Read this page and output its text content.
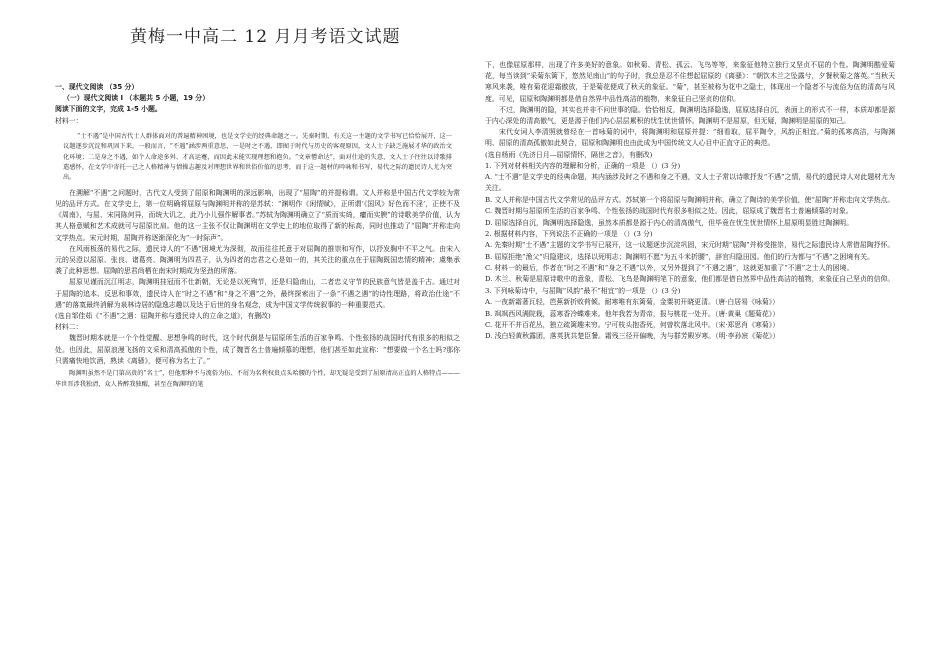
黄梅一中高二 12 月月考语文试题
一、现代文阅读 （35 分）
（一）现代文阅读 I （本题共 5 小题，19 分）
阅读下面的文字，完成 1-5 小题。
材料一：

“士不遇”是中国古代士人群体面对的普遍精神困境，也是文学史的经典命题之一。先秦时期，有关这一主题的文学书写已恰恰展开，这一议题逐步沉淀和巩固下来。一般而言，“不遇”涵涉两重意思，一是时之不遇，即囿于时代与历史的客观原因，文人士子缺乏施展才华的政治文化环境；二是身之不遇，如个人命途多舛、才高运蹇，而因此未能实现理想和抱负。“文章憎命达”，面对仕途的失意，文人士子往往以诗歌排遣感怀，在文学中寄托一己之人格精神与情操志趣及对理想世界和世俗价值的思考，而于这一题材的吟咏和书写，易代之际的遗民诗人尤为突出。

在溯解“不遇”之问题时，古代文人受到了屈原和陶渊明的深远影响，出现了“屈陶”的并提称谓。文人并称是中国古代文学较为常见的品评方式。在文学史上，第一位明确将屈原与陶渊明并称的是苏轼：“渊明作《闲情赋》，正所谓‘《国风》好色而不淫’，正使不及《周南》，与屈、宋同陈何异，而统大讥之，此乃小儿强作解事者。”苏轼为陶渊明确立了“质而实绮，癯而实腴”的诗歌美学价值，认为其人格意赋和艺术成就可与屈原比肩。他的这一主张不仅让陶渊明在文学史上的地位取得了新的标高，同时也推动了“屈陶”并称走向文学热点。宋元时期，屈陶并称逐渐深化为“一时际声”。

在风雨板荡的易代之际，遗民诗人的“不遇”困境尤为深彻，故而往往托意于对屈陶的推崇和写作，以抒发胸中不平之气。由宋入元的吴澄以屈原、张良、诸葛亮、陶渊明为四君子，认为四者的忠君之心是如一的，其关注的重点在于屈陶既国忠情的精神；虞集承袭了此种思想。屈陶的思君尚栖在南宋时期成为坚劲的所落。

屈原见谨而沉江明志，陶渊明挂冠而不仕新朝，无论是以死殉节，还是归隐南山，二者忠义守节的民族意气皆是盖千古。通过对于屈陶的追本、反思和事效，遗民诗人在“时之不遇”和“身之不遇”之外，最终探索出了一条“不遇之遇”的诗性理路，将政治仕途“不遇”的落寞最终消解为泉林诗居的隐逸志趣以及达于后世的身名观念，成为中国文学传统叙事的一种重要范式。

(选自邹佳茹《“不遇”之遇：屈陶并称与遗民诗人的立命之道》，有删改)
材料二：

魏晋时期本就是一个个性觉醒、思想争鸣的时代，这个时代倒是与屈原所生活的百家争鸣、个性张扬的战国时代有很多的相似之处。也因此，屈原浪漫飞扬的文采和清高孤傲的个性，成了魏晋名士普遍倾慕的理想，他们甚至如此宣称：“想要做一个名士吗?那你只需痛快地饮酒，熟读《离骚》，便可称为名士了。”

陶渊明虽然不是门第高贵的“名士”，但他那种不与流俗为伍、不屑为名利权贵点头哈腰的个性，却无疑是受到了屈原清高正直的人格特点———毕世晋涉我独清，众人皆醉我独醒，甚至在陶渊明的笔

下，也像屈原那样，出现了许多美好的意象。如秋菊、青松、孤云、飞鸟等等，来象征他特立独行又坚贞不屈的个性。陶渊明酷爱菊花，每当读到“采菊东篱下，悠然见南山”的句子时，我总是忍不住想起屈原的《离骚》：“朝饮木兰之坠露兮，夕餐秋菊之落英。”当秋天寒风来袭，唯有菊花迎霜傲放，于是菊花便成了秋天的象征。“菊”，甚至被称为花中之隐士，体现出一个隐者不与流俗为伍的清高与风度。可见，屈原和陶渊明都是借自然界中品性高洁的植物，来象征自己坚贞的信仰。

不过，陶渊明的隐，其实也并非不问世事的隐。恰恰相反，陶渊明选择隐逸，屈原选择自沉，表面上的形式不一样，本质却都是源于内心深处的清高傲气，更是源于他们内心层层累积的忧生忧世情怀。陶渊明不是屈原，但无疑，陶渊明是屈原的知己。

宋代女词人李清照就曾经在一首咏菊的词中，将陶渊明和屈原并提：“细看取，屈平陶令，风韵正相宜。”菊的孤寒高洁，与陶渊明、屈原的清高孤傲如此契合，屈原和陶渊明也由此成为中国传统文人心目中正直守正的典范。

(选自杨雨《先济日月—屈原情怀，隔世之音》，有删改)
1. 下列对材料相关内容的理解和分析，正确的一项是 （）(3 分)

A. “士不遇”是文学史的经典命题，其内涵涉及时之不遇和身之不遇，文人士子常以诗歌抒发“不遇”之情，易代的遗民诗人对此题材尤为关注。

B. 文人并称是中国古代文学常见的品评方式。苏轼第一个将屈原与陶渊明并称，确立了陶诗的美学价值，使“屈陶”并称走向文学热点。

C. 魏晋时期与屈原所生活的百家争鸣、个性张扬的战国时代有很多相似之处。因此，屈原成了魏晋名士普遍倾慕的对象。

D. 屈原选择自沉，陶渊明选择隐逸，虽然本质都是源于内心的清高傲气，但毕竟在忧生忧世情怀上屈原明显胜过陶渊明。

2. 根据材料内容，下列说法不正确的一项是 （）(3 分)

A. 先秦时期“士不遇”主题的文学书写已展开，这一议题逐步沉淀巩固，宋元时期“屈陶”并称受推崇，易代之际遗民诗人常借屈陶抒怀。

B. 屈原拒绝“渔父”归隐建议，选择以死明志；陶渊明不愿“为五斗米折腰”，辞官归隐田园。他们的行为都与“不遇”之困境有关。

C. 材料一的最后，作者在“时之不遇”和“身之不遇”以外，又另外提到了“不遇之遇”，这就更加重了“不遇”之士人的困境。

D. 木兰、秋菊是屈原诗歌中的意象，青松、飞鸟是陶渊明笔下的意象，他们都是借自然界中品性高洁的植物，来象征自己坚贞的信仰。

3. 下列咏菊诗中，与屈陶“风韵”最不“相宜”的一项是 （）(3 分)

A. 一夜新霜著瓦轻，芭蕉新折败荷倾。耐寒唯有东篱菊，金粟初开晓更清。（唐·白居易《咏菊》）

B. 飒飒西风满院栽，蕊寒香冷蝶难来。他年我若为青帝，报与桃花一处开。（唐·黄巢《题菊花》）

C. 花开不并百花丛，独立疏篱趣未穷。宁可枝头抱香死，何曾吹落北风中。（宋·郑思肖《寒菊》）

D. 浅白轻黄秋露团，落英犹共楚臣餐。霜残三径开偏晚，为与群芳殿岁寒。（明·李孙宸《菊花》）
